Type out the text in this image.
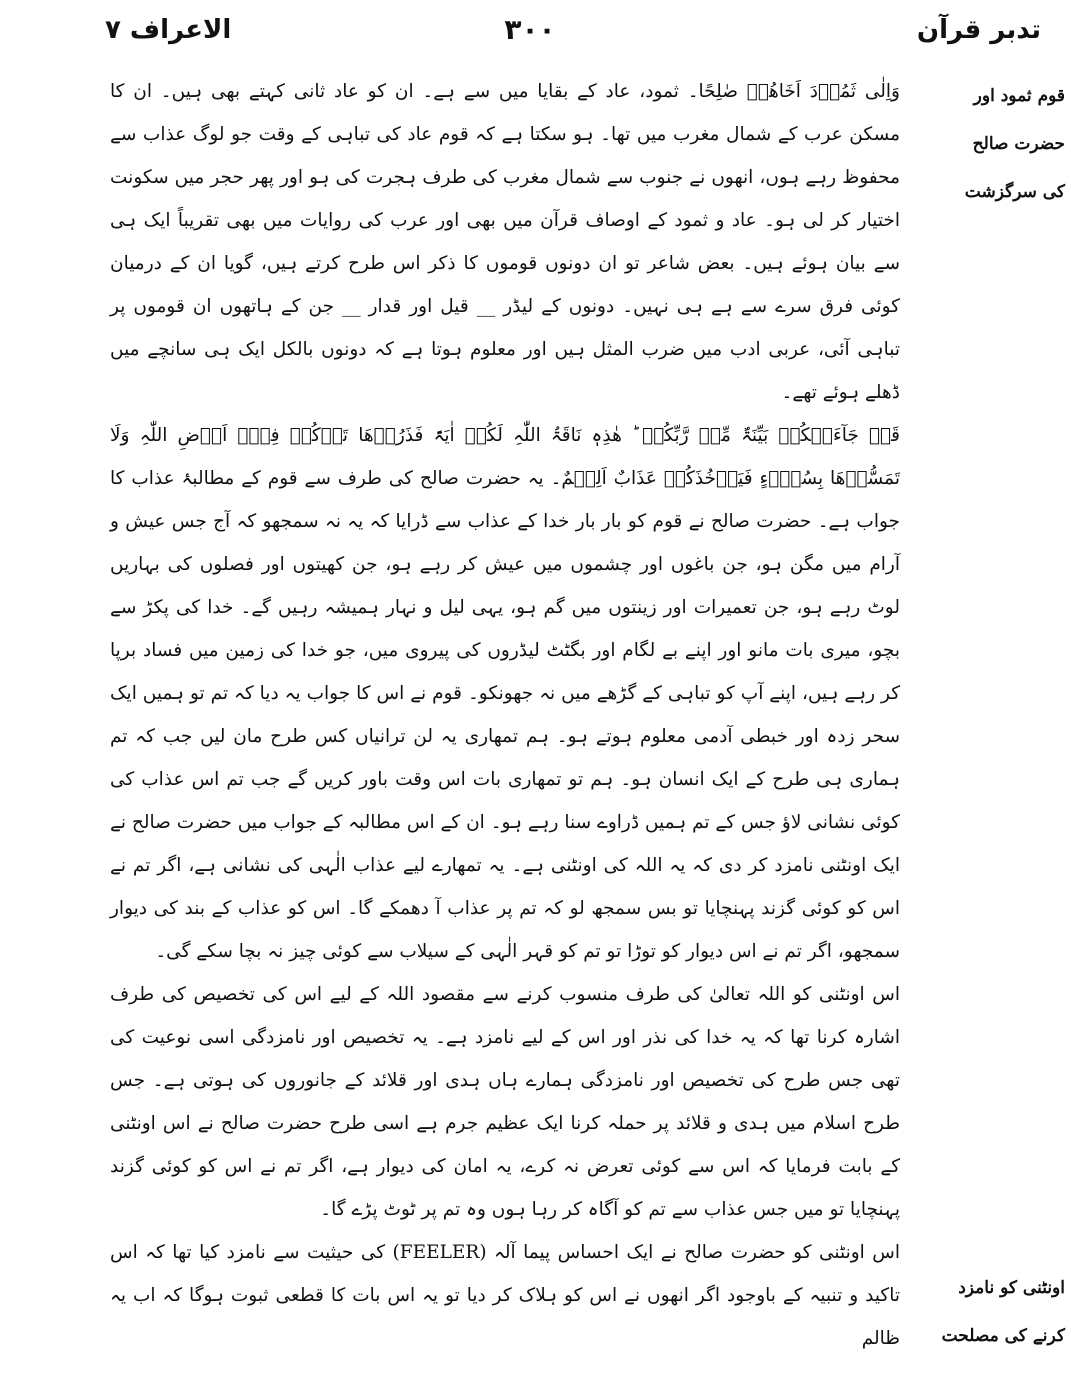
تدبر قرآن
۳۰۰
الاعراف ۷
قوم ثمود اور
حضرت صالح
کی سرگزشت
اونٹنی کو نامزد
کرنے کی مصلحت

وَاِلٰی ثَمُوۡدَ اَخَاھُمۡ صٰلِحًا۔ ثمود، عاد کے بقایا میں سے ہے۔ ان کو عاد ثانی کہتے بھی ہیں۔ ان کا مسکن عرب کے شمال مغرب میں تھا۔ ہو سکتا ہے کہ قوم عاد کی تباہی کے وقت جو لوگ عذاب سے محفوظ رہے ہوں، انھوں نے جنوب سے شمال مغرب کی طرف ہجرت کی ہو اور پھر حجر میں سکونت اختیار کر لی ہو۔ عاد و ثمود کے اوصاف قرآن میں بھی اور عرب کی روایات میں بھی تقریباً ایک ہی سے بیان ہوئے ہیں۔ بعض شاعر تو ان دونوں قوموں کا ذکر اس طرح کرتے ہیں، گویا ان کے درمیان کوئی فرق سرے سے ہے ہی نہیں۔ دونوں کے لیڈر __ قیل اور قدار __ جن کے ہاتھوں ان قوموں پر تباہی آئی، عربی ادب میں ضرب المثل ہیں اور معلوم ہوتا ہے کہ دونوں بالکل ایک ہی سانچے میں ڈھلے ہوئے تھے۔

قَدۡ جَآءَتۡکُمۡ بَیِّنَۃٌ مِّنۡ رَّبِّکُمۡ ؕ ھٰذِہٖ نَاقَۃُ اللّٰہِ لَکُمۡ اٰیَۃً فَذَرُوۡھَا تَاۡکُلۡ فِیۡۤ اَرۡضِ اللّٰہِ وَلَا تَمَسُّوۡھَا بِسُوۡٓءٍ فَیَاۡخُذَکُمۡ عَذَابٌ اَلِیۡمٌ۔ یہ حضرت صالح کی طرف سے قوم کے مطالبۂ عذاب کا جواب ہے۔ حضرت صالح نے قوم کو بار بار خدا کے عذاب سے ڈرایا کہ یہ نہ سمجھو کہ آج جس عیش و آرام میں مگن ہو، جن باغوں اور چشموں میں عیش کر رہے ہو، جن کھیتوں اور فصلوں کی بہاریں لوٹ رہے ہو، جن تعمیرات اور زینتوں میں گم ہو، یہی لیل و نہار ہمیشہ رہیں گے۔ خدا کی پکڑ سے بچو، میری بات مانو اور اپنے بے لگام اور بگٹٹ لیڈروں کی پیروی میں، جو خدا کی زمین میں فساد برپا کر رہے ہیں، اپنے آپ کو تباہی کے گڑھے میں نہ جھونکو۔ قوم نے اس کا جواب یہ دیا کہ تم تو ہمیں ایک سحر زدہ اور خبطی آدمی معلوم ہوتے ہو۔ ہم تمھاری یہ لن ترانیاں کس طرح مان لیں جب کہ تم ہماری ہی طرح کے ایک انسان ہو۔ ہم تو تمھاری بات اس وقت باور کریں گے جب تم اس عذاب کی کوئی نشانی لاؤ جس کے تم ہمیں ڈراوے سنا رہے ہو۔ ان کے اس مطالبہ کے جواب میں حضرت صالح نے ایک اونٹنی نامزد کر دی کہ یہ اللہ کی اونٹنی ہے۔ یہ تمھارے لیے عذاب الٰہی کی نشانی ہے، اگر تم نے اس کو کوئی گزند پہنچایا تو بس سمجھ لو کہ تم پر عذاب آ دھمکے گا۔ اس کو عذاب کے بند کی دیوار سمجھو، اگر تم نے اس دیوار کو توڑا تو تم کو قہر الٰہی کے سیلاب سے کوئی چیز نہ بچا سکے گی۔

اس اونٹنی کو اللہ تعالیٰ کی طرف منسوب کرنے سے مقصود اللہ کے لیے اس کی تخصیص کی طرف اشارہ کرنا تھا کہ یہ خدا کی نذر اور اس کے لیے نامزد ہے۔ یہ تخصیص اور نامزدگی اسی نوعیت کی تھی جس طرح کی تخصیص اور نامزدگی ہمارے ہاں ہدی اور قلائد کے جانوروں کی ہوتی ہے۔ جس طرح اسلام میں ہدی و قلائد پر حملہ کرنا ایک عظیم جرم ہے اسی طرح حضرت صالح نے اس اونٹنی کے بابت فرمایا کہ اس سے کوئی تعرض نہ کرے، یہ امان کی دیوار ہے، اگر تم نے اس کو کوئی گزند پہنچایا تو میں جس عذاب سے تم کو آگاہ کر رہا ہوں وہ تم پر ٹوٹ پڑے گا۔

اس اونٹنی کو حضرت صالح نے ایک احساس پیما آلہ (FEELER) کی حیثیت سے نامزد کیا تھا کہ اس تاکید و تنبیہ کے باوجود اگر انھوں نے اس کو ہلاک کر دیا تو یہ اس بات کا قطعی ثبوت ہوگا کہ اب یہ ظالم
